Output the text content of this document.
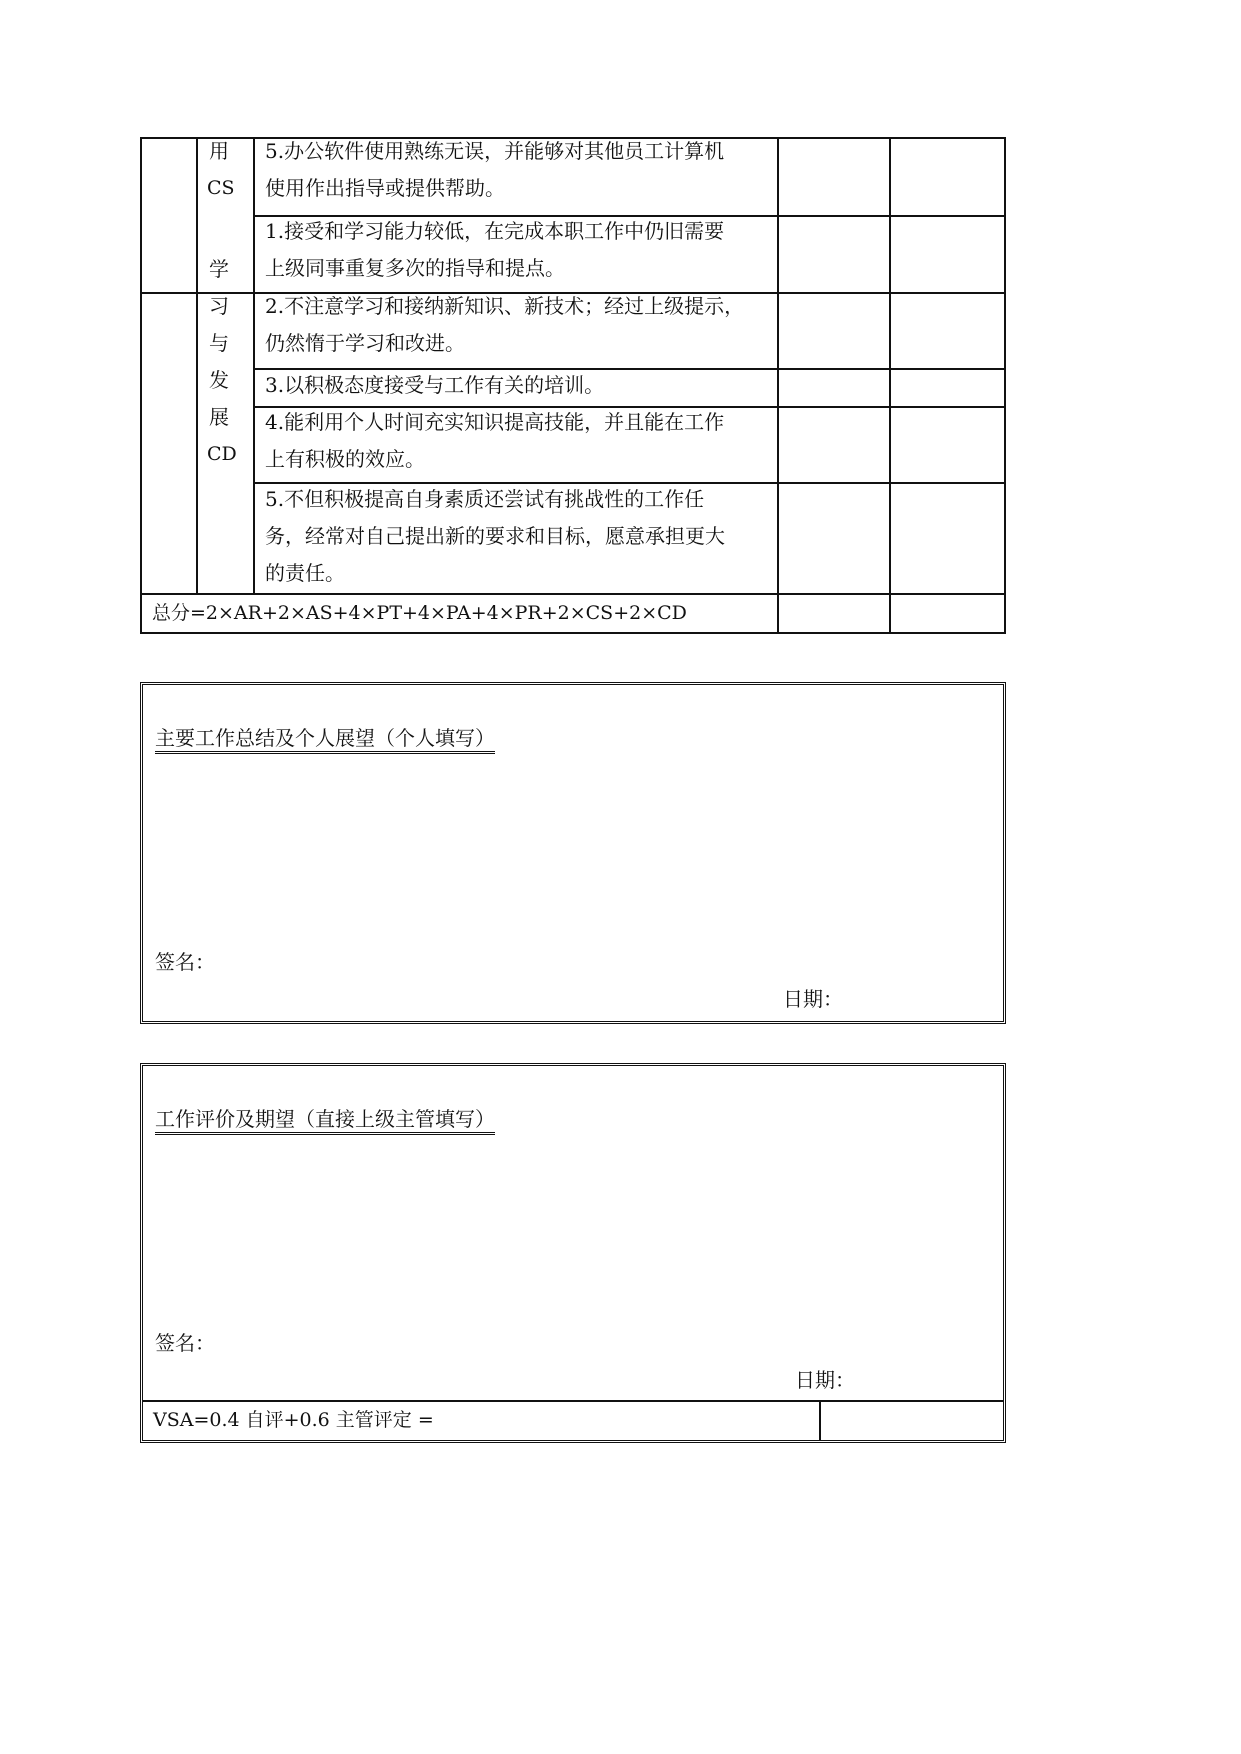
用
CS
学
习
与
发
展
CD
5.办公软件使用熟练无误，并能够对其他员工计算机
使用作出指导或提供帮助。
1.接受和学习能力较低，在完成本职工作中仍旧需要
上级同事重复多次的指导和提点。
2.不注意学习和接纳新知识、新技术；经过上级提示，
仍然惰于学习和改进。
3.以积极态度接受与工作有关的培训。
4.能利用个人时间充实知识提高技能，并且能在工作
上有积极的效应。
5.不但积极提高自身素质还尝试有挑战性的工作任
务，经常对自己提出新的要求和目标，愿意承担更大
的责任。
总分=2×AR+2×AS+4×PT+4×PA+4×PR+2×CS+2×CD
主要工作总结及个人展望（个人填写）
签名：
日期：
工作评价及期望（直接上级主管填写）
签名：
日期：
VSA=0.4 自评+0.6 主管评定 =
